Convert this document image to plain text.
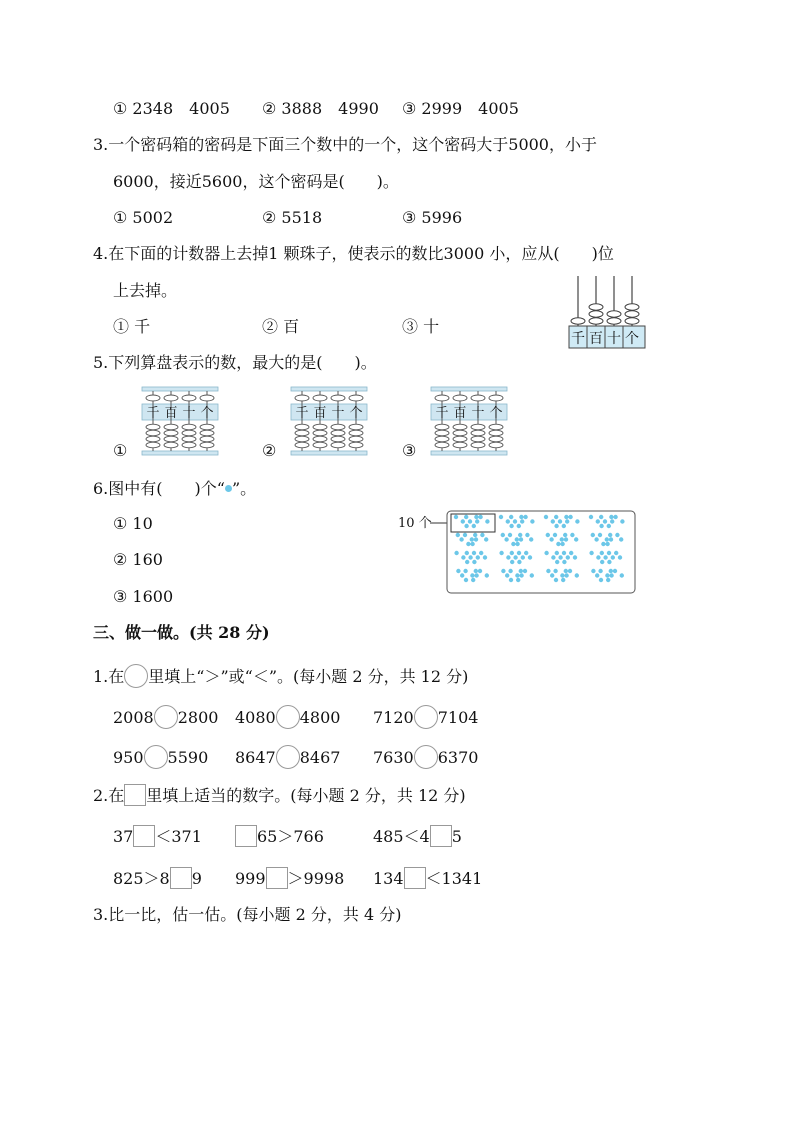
① 2348　4005 ② 3888　4990 ③ 2999　4005
3.一个密码箱的密码是下面三个数中的一个，这个密码大于5000，小于
6000，接近5600，这个密码是(　　)。
① 5002	② 5518	③ 5996
4.在下面的计数器上去掉1 颗珠子，使表示的数比3000 小，应从(　　)位
上去掉。
① 千	② 百	③ 十
千 百 十 个
5.下列算盘表示的数，最大的是(　　)。
①	②	③
千 百 十 个	千 百 十 个	千 百 十 个
6.图中有(　　)个“ ”。
① 10
② 160
③ 1600
10 个
三、做一做。(共 28 分)
1.在 里填上“＞”或“＜”。(每小题 2 分，共 12 分)
2008 2800 4080 4800 7120 7104
950 5590 8647 8467 7630 6370
2.在 里填上适当的数字。(每小题 2 分，共 12 分)
37 ＜371	65＞766	485＜4 5
825＞8 9 999 ＞9998 134 ＜1341
3.比一比，估一估。(每小题 2 分，共 4 分)
